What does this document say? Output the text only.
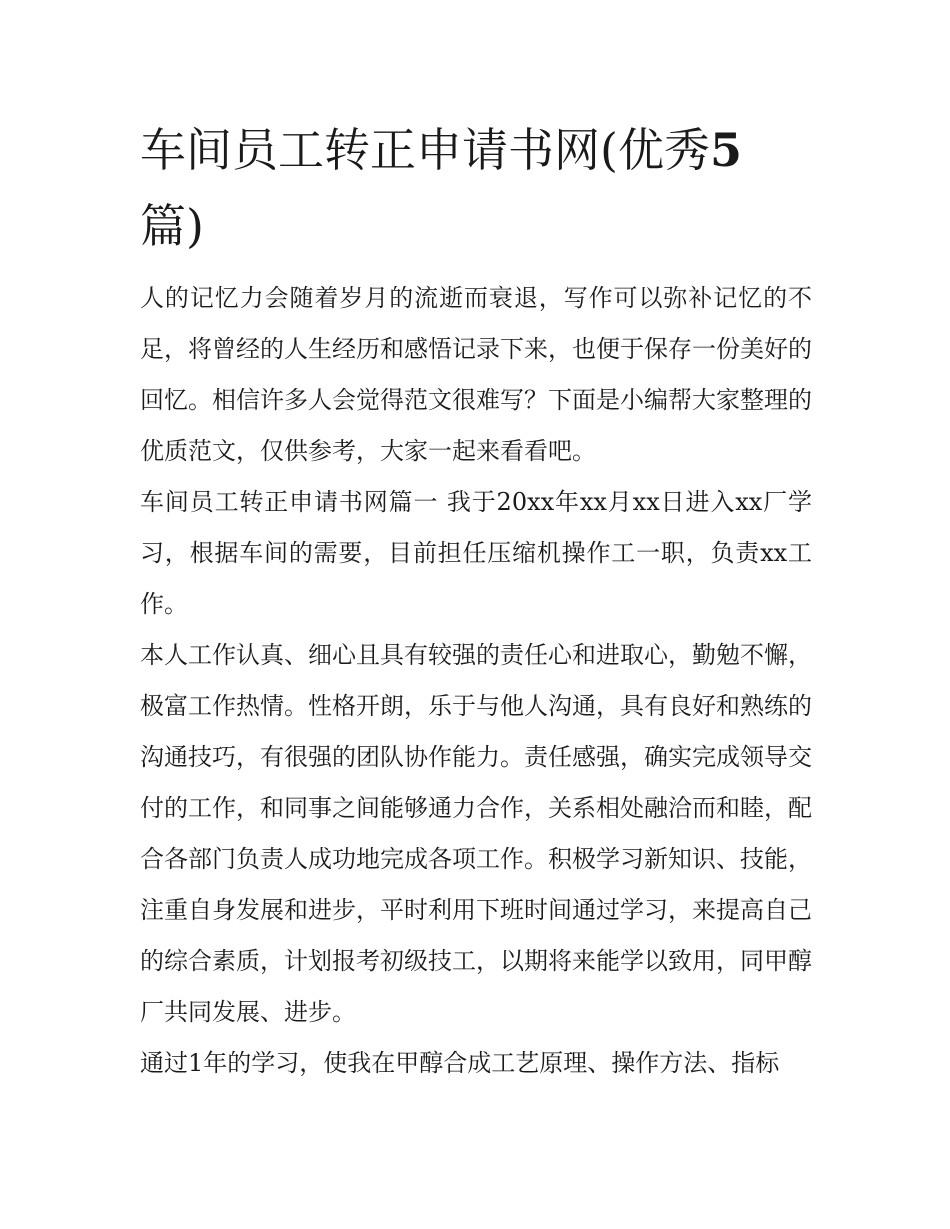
车间员工转正申请书网(优秀5
篇)

人的记忆力会随着岁月的流逝而衰退，写作可以弥补记忆的不足，将曾经的人生经历和感悟记录下来，也便于保存一份美好的回忆。相信许多人会觉得范文很难写？下面是小编帮大家整理的优质范文，仅供参考，大家一起来看看吧。

车间员工转正申请书网篇一 我于20xx年xx月xx日进入xx厂学习，根据车间的需要，目前担任压缩机操作工一职，负责xx工作。

本人工作认真、细心且具有较强的责任心和进取心，勤勉不懈，极富工作热情。性格开朗，乐于与他人沟通，具有良好和熟练的沟通技巧，有很强的团队协作能力。责任感强，确实完成领导交付的工作，和同事之间能够通力合作，关系相处融洽而和睦，配合各部门负责人成功地完成各项工作。积极学习新知识、技能，注重自身发展和进步，平时利用下班时间通过学习，来提高自己的综合素质，计划报考初级技工，以期将来能学以致用，同甲醇厂共同发展、进步。

通过1年的学习，使我在甲醇合成工艺原理、操作方法、指标
